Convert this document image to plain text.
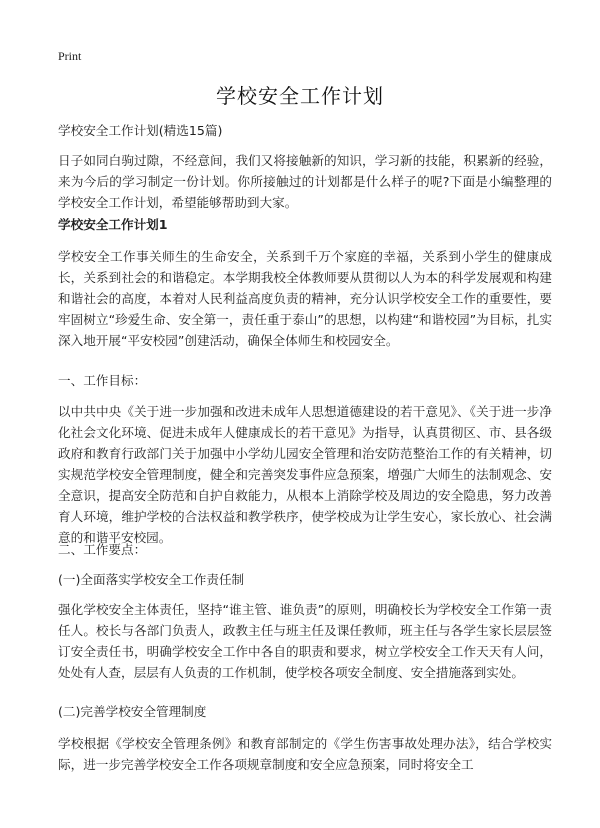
Print
学校安全工作计划
学校安全工作计划(精选15篇)
日子如同白驹过隙，不经意间，我们又将接触新的知识，学习新的技能，积累新的经验，来为今后的学习制定一份计划。你所接触过的计划都是什么样子的呢?下面是小编整理的学校安全工作计划，希望能够帮助到大家。
学校安全工作计划1
学校安全工作事关师生的生命安全，关系到千万个家庭的幸福，关系到小学生的健康成长，关系到社会的和谐稳定。本学期我校全体教师要从贯彻以人为本的科学发展观和构建和谐社会的高度，本着对人民利益高度负责的精神，充分认识学校安全工作的重要性，要牢固树立“珍爱生命、安全第一，责任重于泰山”的思想，以构建“和谐校园”为目标，扎实深入地开展“平安校园”创建活动，确保全体师生和校园安全。
一、工作目标：
以中共中央《关于进一步加强和改进未成年人思想道德建设的若干意见》、《关于进一步净化社会文化环境、促进未成年人健康成长的若干意见》为指导，认真贯彻区、市、县各级政府和教育行政部门关于加强中小学幼儿园安全管理和治安防范整治工作的有关精神，切实规范学校安全管理制度，健全和完善突发事件应急预案，增强广大师生的法制观念、安全意识，提高安全防范和自护自救能力，从根本上消除学校及周边的安全隐患，努力改善育人环境，维护学校的合法权益和教学秩序，使学校成为让学生安心，家长放心、社会满意的和谐平安校园。
二、工作要点：
(一)全面落实学校安全工作责任制
强化学校安全主体责任，坚持“谁主管、谁负责”的原则，明确校长为学校安全工作第一责任人。校长与各部门负责人，政教主任与班主任及课任教师，班主任与各学生家长层层签订安全责任书，明确学校安全工作中各自的职责和要求，树立学校安全工作天天有人问，处处有人查，层层有人负责的工作机制，使学校各项安全制度、安全措施落到实处。
(二)完善学校安全管理制度
学校根据《学校安全管理条例》和教育部制定的《学生伤害事故处理办法》，结合学校实际，进一步完善学校安全工作各项规章制度和安全应急预案，同时将安全工
